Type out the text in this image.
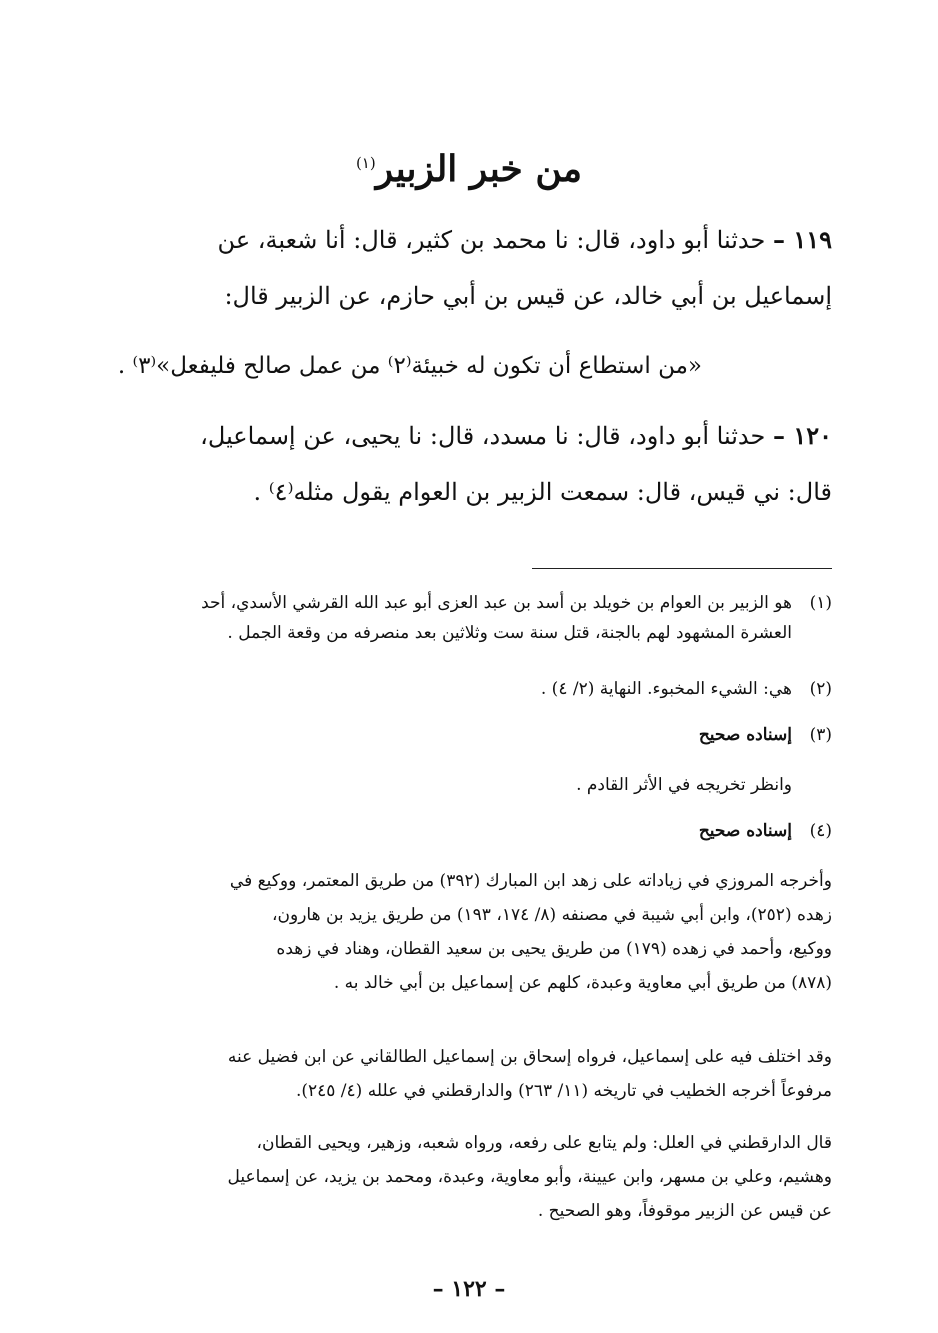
من خبر الزبير$^{(١)}$
١١٩ – حدثنا أبو داود، قال: نا محمد بن كثير، قال: أنا شعبة، عن
إسماعيل بن أبي خالد، عن قيس بن أبي حازم، عن الزبير قال:
«من استطاع أن تكون له خبيئة⁽٢⁾ من عمل صالح فليفعل»⁽٣⁾ .
١٢٠ – حدثنا أبو داود، قال: نا مسدد، قال: نا يحيى، عن إسماعيل،
قال: ني قيس، قال: سمعت الزبير بن العوام يقول مثله⁽٤⁾ .
(١)هو الزبير بن العوام بن خويلد بن أسد بن عبد العزى أبو عبد الله القرشي الأسدي، أحد
العشرة المشهود لهم بالجنة، قتل سنة ست وثلاثين بعد منصرفه من وقعة الجمل .
(٢)هي: الشيء المخبوء. النهاية (٢/ ٤) .
(٣)إسناده صحيح
وانظر تخريجه في الأثر القادم .
(٤)إسناده صحيح
وأخرجه المروزي في زياداته على زهد ابن المبارك (٣٩٢) من طريق المعتمر، ووكيع في
زهده (٢٥٢)، وابن أبي شيبة في مصنفه (٨/ ١٧٤، ١٩٣) من طريق يزيد بن هارون،
ووكيع، وأحمد في زهده (١٧٩) من طريق يحيى بن سعيد القطان، وهناد في زهده
(٨٧٨) من طريق أبي معاوية وعبدة، كلهم عن إسماعيل بن أبي خالد به .
وقد اختلف فيه على إسماعيل، فرواه إسحاق بن إسماعيل الطالقاني عن ابن فضيل عنه
مرفوعاً أخرجه الخطيب في تاريخه (١١/ ٢٦٣) والدارقطني في علله (٤/ ٢٤٥).
قال الدارقطني في العلل: ولم يتابع على رفعه، ورواه شعبه، وزهير، ويحيى القطان،
وهشيم، وعلي بن مسهر، وابن عيينة، وأبو معاوية، وعبدة، ومحمد بن يزيد، عن إسماعيل
عن قيس عن الزبير موقوفاً، وهو الصحيح .
– ١٢٢ –
